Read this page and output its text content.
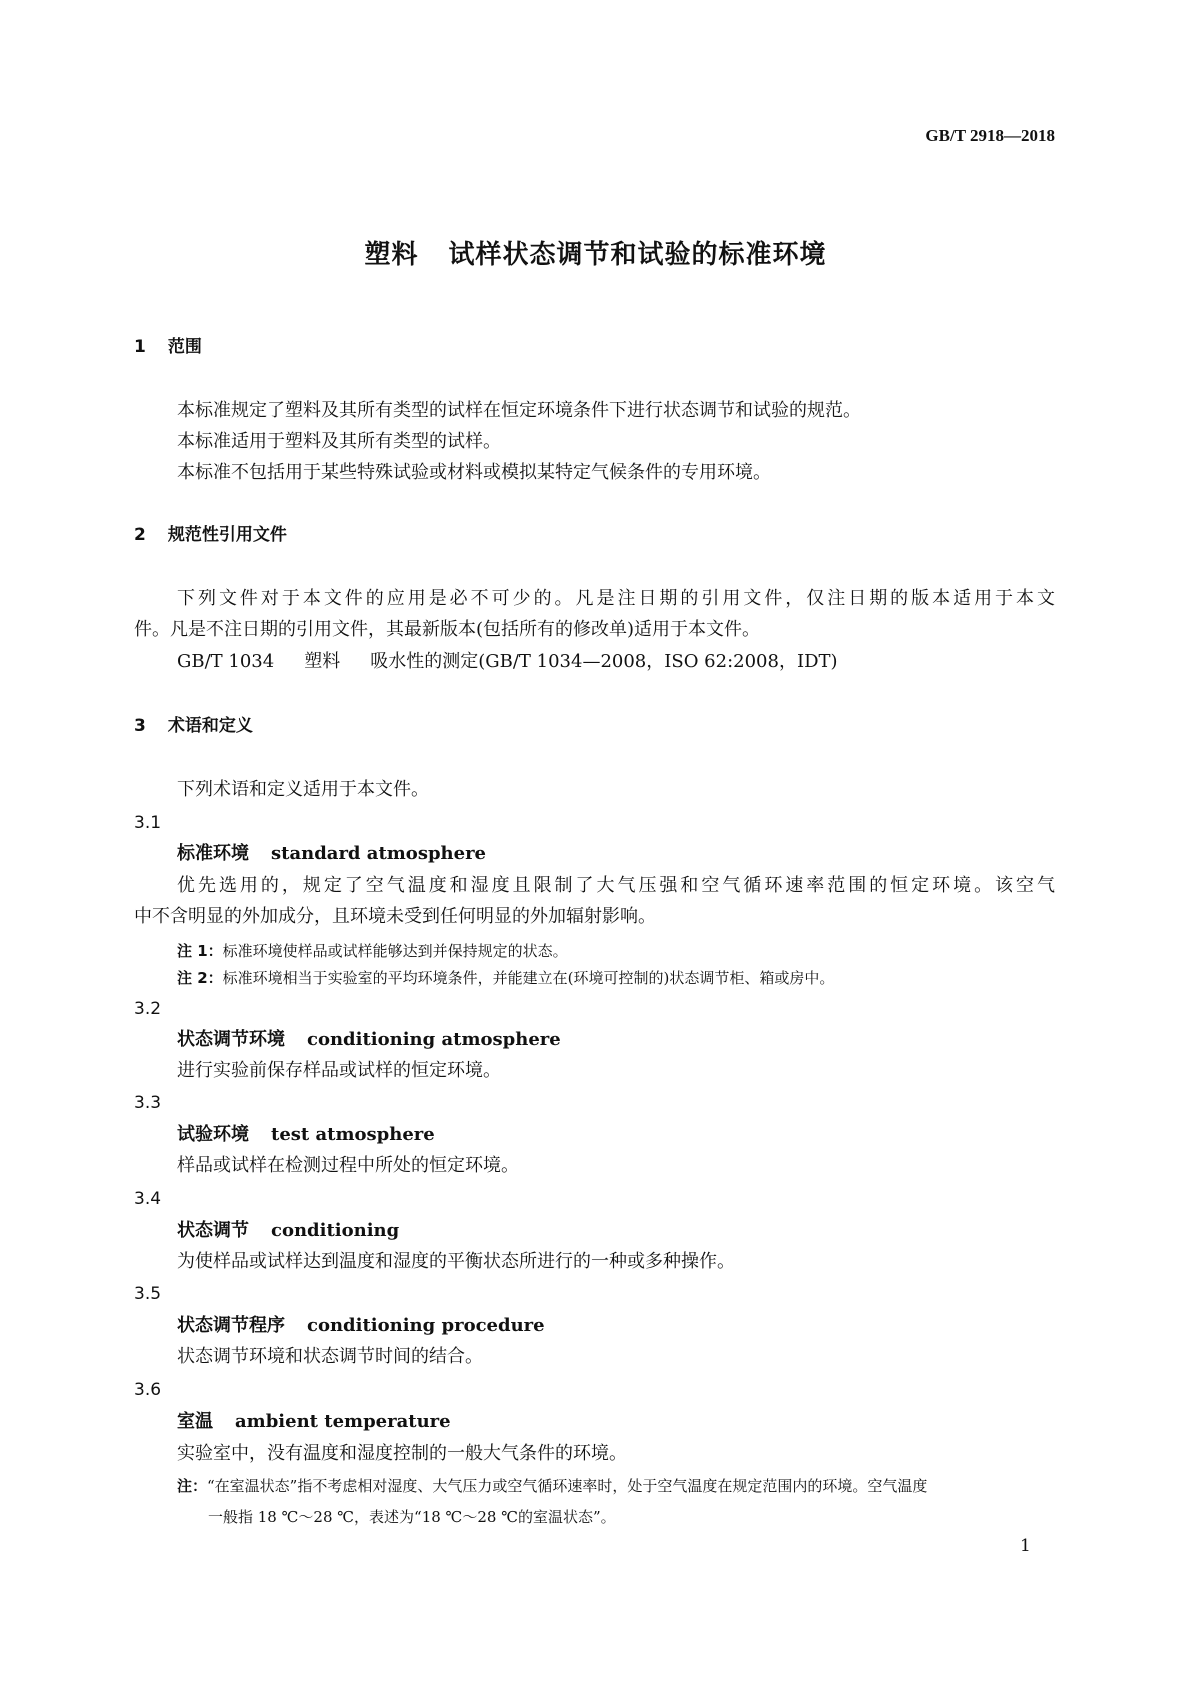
GB/T 2918—2018
塑料 试样状态调节和试验的标准环境
1 范围
本标准规定了塑料及其所有类型的试样在恒定环境条件下进行状态调节和试验的规范。
本标准适用于塑料及其所有类型的试样。
本标准不包括用于某些特殊试验或材料或模拟某特定气候条件的专用环境。
2 规范性引用文件
下列文件对于本文件的应用是必不可少的。凡是注日期的引用文件，仅注日期的版本适用于本文
件。凡是不注日期的引用文件，其最新版本(包括所有的修改单)适用于本文件。
GB/T 1034 塑料 吸水性的测定(GB/T 1034—2008，ISO 62:2008，IDT)
3 术语和定义
下列术语和定义适用于本文件。
3.1
标准环境 standard atmosphere
优先选用的，规定了空气温度和湿度且限制了大气压强和空气循环速率范围的恒定环境。该空气
中不含明显的外加成分，且环境未受到任何明显的外加辐射影响。
注 1：标准环境使样品或试样能够达到并保持规定的状态。
注 2：标准环境相当于实验室的平均环境条件，并能建立在(环境可控制的)状态调节柜、箱或房中。
3.2
状态调节环境 conditioning atmosphere
进行实验前保存样品或试样的恒定环境。
3.3
试验环境 test atmosphere
样品或试样在检测过程中所处的恒定环境。
3.4
状态调节 conditioning
为使样品或试样达到温度和湿度的平衡状态所进行的一种或多种操作。
3.5
状态调节程序 conditioning procedure
状态调节环境和状态调节时间的结合。
3.6
室温 ambient temperature
实验室中，没有温度和湿度控制的一般大气条件的环境。
注：“在室温状态”指不考虑相对湿度、大气压力或空气循环速率时，处于空气温度在规定范围内的环境。空气温度
一般指 18 ℃～28 ℃，表述为“18 ℃～28 ℃的室温状态”。
1
